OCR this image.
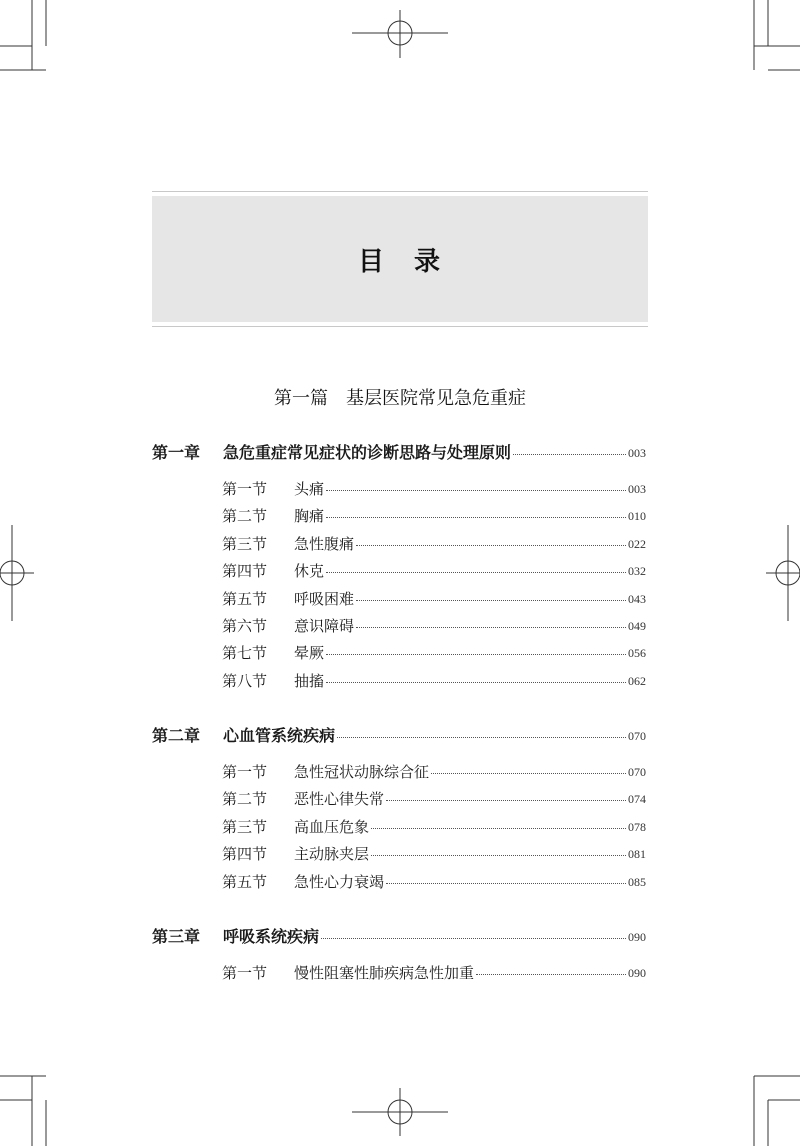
目　录
第一篇　基层医院常见急危重症
第一章 急危重症常见症状的诊断思路与处理原则	003
第一节 头痛	003
第二节 胸痛	010
第三节 急性腹痛	022
第四节 休克	032
第五节 呼吸困难	043
第六节 意识障碍	049
第七节 晕厥	056
第八节 抽搐	062
第二章 心血管系统疾病	070
第一节 急性冠状动脉综合征	070
第二节 恶性心律失常	074
第三节 高血压危象	078
第四节 主动脉夹层	081
第五节 急性心力衰竭	085
第三章 呼吸系统疾病	090
第一节 慢性阻塞性肺疾病急性加重	090
